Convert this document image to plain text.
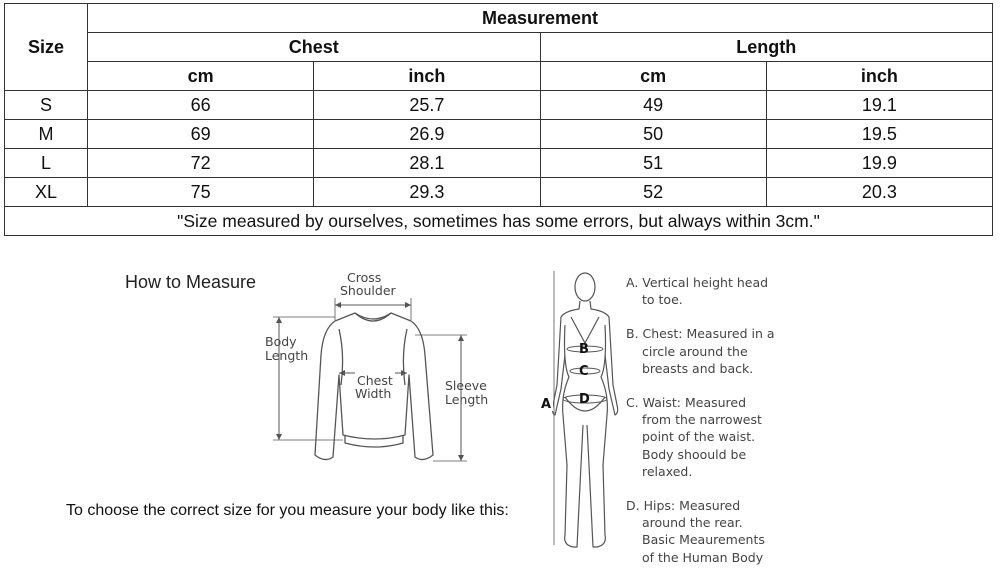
Size	Measurement			
	Chest		Length	
	cm	inch	cm	inch
S	66	25.7	49	19.1
M	69	26.9	50	19.5
L	72	28.1	51	19.9
XL	75	29.3	52	20.3
"Size measured by ourselves, sometimes has some errors, but always within 3cm."				
How to Measure	Cross
Shoulder
Body
Length
Chest
Width
Sleeve
Length
To choose the correct size for you measure your body like this:
B
C
D
A
A. Vertical height head
to toe.
B. Chest: Measured in a
circle around the
breasts and back.
C. Waist: Measured
from the narrowest
point of the waist.
Body shoould be
relaxed.
D. Hips: Measured
around the rear.
Basic Meaurements
of the Human Body
